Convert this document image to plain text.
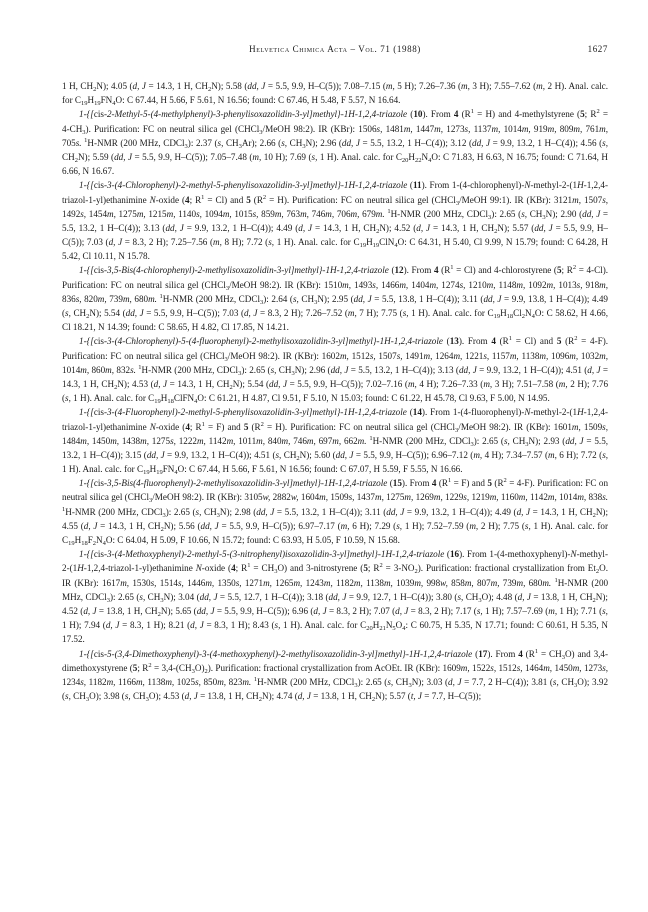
Helvetica Chimica Acta – Vol. 71 (1988)	1627

1 H, $CH_2N$); 4.05 (d, J = 14.3, 1 H, $CH_2N$); 5.58 (dd, J = 5.5, 9.9, H–C(5)); 7.08–7.15 (m, 5 H); 7.26–7.36 (m, 3 H); 7.55–7.62 (m, 2 H). Anal. calc. for $C_{19}H_{19}FN_4O$: C 67.44, H 5.66, F 5.61, N 16.56; found: C 67.46, H 5.48, F 5.57, N 16.64.

1-{[cis-2-Methyl-5-(4-methylphenyl)-3-phenylisoxazolidin-3-yl]methyl}-1H-1,2,4-triazole (10). From 4 $(R^1 = H)$ and 4-methylstyrene (5; $R^2 = 4-CH_3$). Purification: FC on neutral silica gel (CHCl$_3$/MeOH 98:2). IR (KBr): 1506s, 1481m, 1447m, 1273s, 1137m, 1014m, 919m, 809m, 761m, 705s. $^1$H-NMR (200 MHz, CDCl$_3$): 2.37 (s, $CH_3Ar$); 2.66 (s, $CH_3N$); 2.96 (dd, J = 5.5, 13.2, 1 H–C(4)); 3.12 (dd, J = 9.9, 13.2, 1 H–C(4)); 4.56 (s, $CH_2N$); 5.59 (dd, J = 5.5, 9.9, H–C(5)); 7.05–7.48 (m, 10 H); 7.69 (s, 1 H). Anal. calc. for $C_{20}H_{22}N_4O$: C 71.83, H 6.63, N 16.75; found: C 71.64, H 6.66, N 16.67.

1-{[cis-3-(4-Chlorophenyl)-2-methyl-5-phenylisoxazolidin-3-yl]methyl}-1H-1,2,4-triazole (11). From 1-(4-chlorophenyl)-N-methyl-2-(1H-1,2,4-triazol-1-yl)ethanimine N-oxide (4; $R^1 = Cl$) and 5 $(R^2 = H)$. Purification: FC on neutral silica gel (CHCl$_3$/MeOH 99:1). IR (KBr): 3121m, 1507s, 1492s, 1454m, 1275m, 1215m, 1140s, 1094m, 1015s, 859m, 763m, 746m, 706m, 679m. $^1$H-NMR (200 MHz, CDCl$_3$): 2.65 (s, $CH_3N$); 2.90 (dd, J = 5.5, 13.2, 1 H–C(4)); 3.13 (dd, J = 9.9, 13.2, 1 H–C(4)); 4.49 (d, J = 14.3, 1 H, $CH_2N$); 4.52 (d, J = 14.3, 1 H, $CH_2N$); 5.57 (dd, J = 5.5, 9.9, H–C(5)); 7.03 (d, J = 8.3, 2 H); 7.25–7.56 (m, 8 H); 7.72 (s, 1 H). Anal. calc. for $C_{19}H_{19}ClN_4O$: C 64.31, H 5.40, Cl 9.99, N 15.79; found: C 64.28, H 5.42, Cl 10.11, N 15.78.

1-{[cis-3,5-Bis(4-chlorophenyl)-2-methylisoxazolidin-3-yl]methyl}-1H-1,2,4-triazole (12). From 4 $(R^1 = Cl)$ and 4-chlorostyrene (5; $R^2 = 4-Cl$). Purification: FC on neutral silica gel (CHCl$_3$/MeOH 98:2). IR (KBr): 1510m, 1493s, 1466m, 1404m, 1274s, 1210m, 1148m, 1092m, 1013s, 918m, 836s, 820m, 739m, 680m. $^1$H-NMR (200 MHz, CDCl$_3$): 2.64 (s, $CH_3N$); 2.95 (dd, J = 5.5, 13.8, 1 H–C(4)); 3.11 (dd, J = 9.9, 13.8, 1 H–C(4)); 4.49 (s, $CH_2N$); 5.54 (dd, J = 5.5, 9.9, H–C(5)); 7.03 (d, J = 8.3, 2 H); 7.26–7.52 (m, 7 H); 7.75 (s, 1 H). Anal. calc. for $C_{19}H_{18}Cl_2N_4O$: C 58.62, H 4.66, Cl 18.21, N 14.39; found: C 58.65, H 4.82, Cl 17.85, N 14.21.

1-{[cis-3-(4-Chlorophenyl)-5-(4-fluorophenyl)-2-methylisoxazolidin-3-yl]methyl}-1H-1,2,4-triazole (13). From 4 $(R^1 = Cl)$ and 5 $(R^2 = 4-F)$. Purification: FC on neutral silica gel (CHCl$_3$/MeOH 98:2). IR (KBr): 1602m, 1512s, 1507s, 1491m, 1264m, 1221s, 1157m, 1138m, 1096m, 1032m, 1014m, 860m, 832s. $^1$H-NMR (200 MHz, CDCl$_3$): 2.65 (s, $CH_3N$); 2.96 (dd, J = 5.5, 13.2, 1 H–C(4)); 3.13 (dd, J = 9.9, 13.2, 1 H–C(4)); 4.51 (d, J = 14.3, 1 H, $CH_2N$); 4.53 (d, J = 14.3, 1 H, $CH_2N$); 5.54 (dd, J = 5.5, 9.9, H–C(5)); 7.02–7.16 (m, 4 H); 7.26–7.33 (m, 3 H); 7.51–7.58 (m, 2 H); 7.76 (s, 1 H). Anal. calc. for $C_{19}H_{18}ClFN_4O$: C 61.21, H 4.87, Cl 9.51, F 5.10, N 15.03; found: C 61.22, H 45.78, Cl 9.63, F 5.00, N 14.95.

1-{[cis-3-(4-Fluorophenyl)-2-methyl-5-phenylisoxazolidin-3-yl]methyl}-1H-1,2,4-triazole (14). From 1-(4-fluorophenyl)-N-methyl-2-(1H-1,2,4-triazol-1-yl)ethanimine N-oxide (4; $R^1 = F$) and 5 $(R^2 = H)$. Purification: FC on neutral silica gel (CHCl$_3$/MeOH 98:2). IR (KBr): 1601m, 1509s, 1484m, 1450m, 1438m, 1275s, 1222m, 1142m, 1011m, 840m, 746m, 697m, 662m. $^1$H-NMR (200 MHz, CDCl$_3$): 2.65 (s, $CH_3N$); 2.93 (dd, J = 5.5, 13.2, 1 H–C(4)); 3.15 (dd, J = 9.9, 13.2, 1 H–C(4)); 4.51 (s, $CH_2N$); 5.60 (dd, J = 5.5, 9.9, H–C(5)); 6.96–7.12 (m, 4 H); 7.34–7.57 (m, 6 H); 7.72 (s, 1 H). Anal. calc. for $C_{19}H_{19}FN_4O$: C 67.44, H 5.66, F 5.61, N 16.56; found: C 67.07, H 5.59, F 5.55, N 16.66.

1-{[cis-3,5-Bis(4-fluorophenyl)-2-methylisoxazolidin-3-yl]methyl}-1H-1,2,4-triazole (15). From 4 $(R^1 = F)$ and 5 $(R^2 = 4-F)$. Purification: FC on neutral silica gel (CHCl$_3$/MeOH 98:2). IR (KBr): 3105w, 2882w, 1604m, 1509s, 1437m, 1275m, 1269m, 1229s, 1219m, 1160m, 1142m, 1014m, 838s. $^1$H-NMR (200 MHz, CDCl$_3$): 2.65 (s, $CH_3N$); 2.98 (dd, J = 5.5, 13.2, 1 H–C(4)); 3.11 (dd, J = 9.9, 13.2, 1 H–C(4)); 4.49 (d, J = 14.3, 1 H, $CH_2N$); 4.55 (d, J = 14.3, 1 H, $CH_2N$); 5.56 (dd, J = 5.5, 9.9, H–C(5)); 6.97–7.17 (m, 6 H); 7.29 (s, 1 H); 7.52–7.59 (m, 2 H); 7.75 (s, 1 H). Anal. calc. for $C_{19}H_{18}F_2N_4O$: C 64.04, H 5.09, F 10.66, N 15.72; found: C 63.93, H 5.05, F 10.59, N 15.68.

1-{[cis-3-(4-Methoxyphenyl)-2-methyl-5-(3-nitrophenyl)isoxazolidin-3-yl]methyl}-1H-1,2,4-triazole (16). From 1-(4-methoxyphenyl)-N-methyl-2-(1H-1,2,4-triazol-1-yl)ethanimine N-oxide (4; $R^1 = CH_3O$) and 3-nitrostyrene (5; $R^2 = 3-NO_2$). Purification: fractional crystallization from $Et_2O$. IR (KBr): 1617m, 1530s, 1514s, 1446m, 1350s, 1271m, 1265m, 1243m, 1182m, 1138m, 1039m, 998w, 858m, 807m, 739m, 680m. $^1$H-NMR (200 MHz, CDCl$_3$): 2.65 (s, $CH_3N$); 3.04 (dd, J = 5.5, 12.7, 1 H–C(4)); 3.18 (dd, J = 9.9, 12.7, 1 H–C(4)); 3.80 (s, $CH_3O$); 4.48 (d, J = 13.8, 1 H, $CH_2N$); 4.52 (d, J = 13.8, 1 H, $CH_2N$); 5.65 (dd, J = 5.5, 9.9, H–C(5)); 6.96 (d, J = 8.3, 2 H); 7.07 (d, J = 8.3, 2 H); 7.17 (s, 1 H); 7.57–7.69 (m, 1 H); 7.71 (s, 1 H); 7.94 (d, J = 8.3, 1 H); 8.21 (d, J = 8.3, 1 H); 8.43 (s, 1 H). Anal. calc. for $C_{20}H_{21}N_5O_4$: C 60.75, H 5.35, N 17.71; found: C 60.61, H 5.35, N 17.52.

1-{[cis-5-(3,4-Dimethoxyphenyl)-3-(4-methoxyphenyl)-2-methylisoxazolidin-3-yl]methyl}-1H-1,2,4-triazole (17). From 4 $(R^1 = CH_3O)$ and 3,4-dimethoxystyrene (5; $R^2 = 3,4-(CH_3O)_2$). Purification: fractional crystallization from AcOEt. IR (KBr): 1609m, 1522s, 1512s, 1464m, 1450m, 1273s, 1234s, 1182m, 1166m, 1138m, 1025s, 850m, 823m. $^1$H-NMR (200 MHz, CDCl$_3$): 2.65 (s, $CH_3N$); 3.03 (d, J = 7.7, 2 H–C(4)); 3.81 (s, $CH_3O$); 3.92 (s, $CH_3O$); 3.98 (s, $CH_3O$); 4.53 (d, J = 13.8, 1 H, $CH_2N$); 4.74 (d, J = 13.8, 1 H, $CH_2N$); 5.57 (t, J = 7.7, H–C(5));
